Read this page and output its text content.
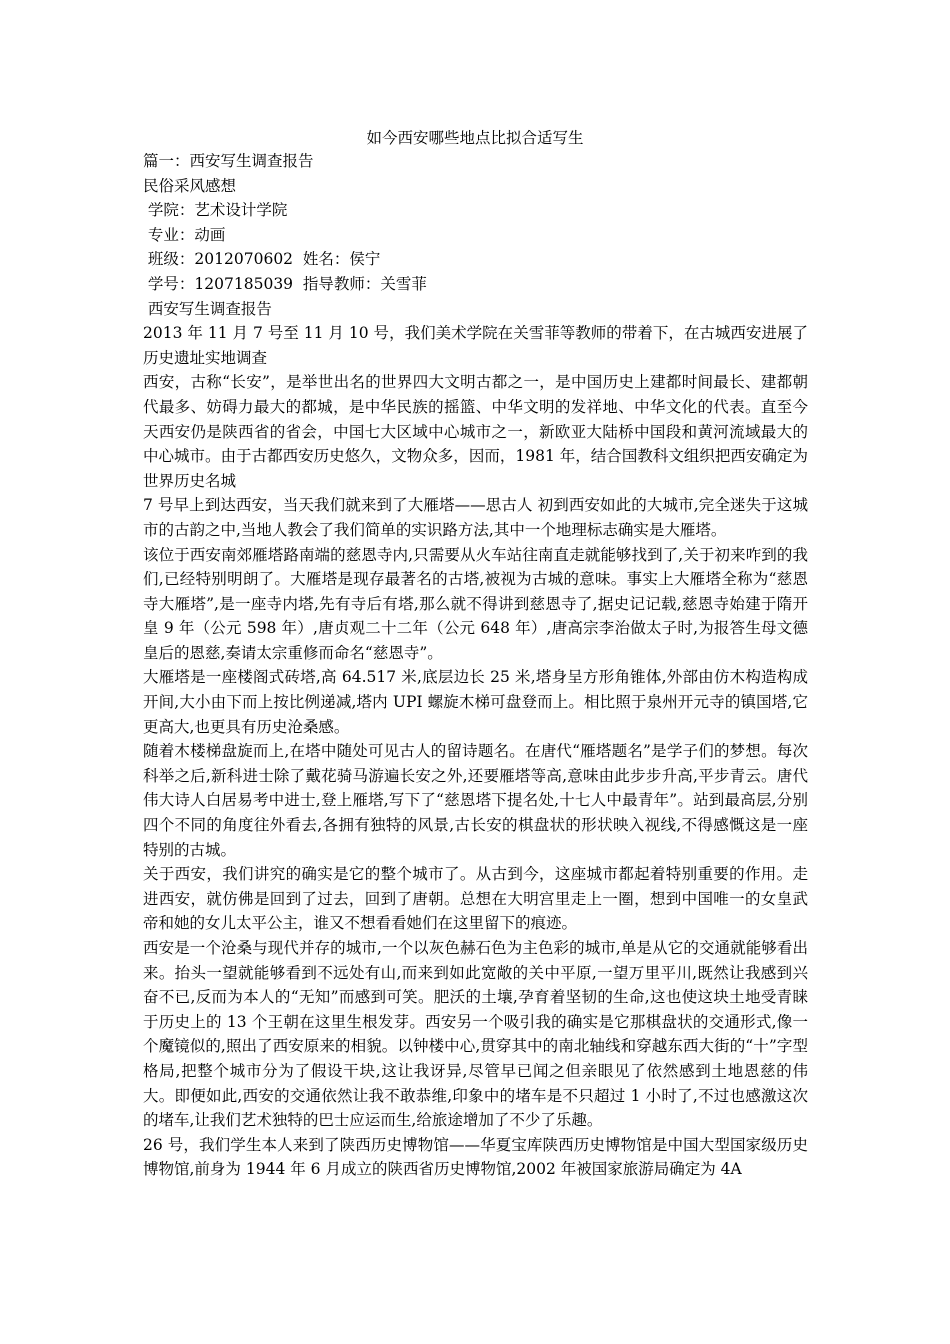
如今西安哪些地点比拟合适写生
篇一：西安写生调查报告
民俗采风感想
学院：艺术设计学院
专业：动画
班级：2012070602  姓名：侯宁
学号：1207185039  指导教师：关雪菲
西安写生调查报告
2013 年 11 月 7 号至 11 月 10 号，我们美术学院在关雪菲等教师的带着下，在古城西安进展了历史遗址实地调查
西安，古称“长安”，是举世出名的世界四大文明古都之一，是中国历史上建都时间最长、建都朝代最多、妨碍力最大的都城，是中华民族的摇篮、中华文明的发祥地、中华文化的代表。直至今天西安仍是陕西省的省会，中国七大区域中心城市之一，新欧亚大陆桥中国段和黄河流域最大的中心城市。由于古都西安历史悠久，文物众多，因而，1981 年，结合国教科文组织把西安确定为世界历史名城
7 号早上到达西安，当天我们就来到了大雁塔——思古人 初到西安如此的大城市,完全迷失于这城市的古韵之中,当地人教会了我们简单的实识路方法,其中一个地理标志确实是大雁塔。
该位于西安南郊雁塔路南端的慈恩寺内,只需要从火车站往南直走就能够找到了,关于初来咋到的我们,已经特别明朗了。大雁塔是现存最著名的古塔,被视为古城的意味。事实上大雁塔全称为“慈恩寺大雁塔”,是一座寺内塔,先有寺后有塔,那么就不得讲到慈恩寺了,据史记记载,慈恩寺始建于隋开皇 9 年（公元 598 年）,唐贞观二十二年（公元 648 年）,唐高宗李治做太子时,为报答生母文德皇后的恩慈,奏请太宗重修而命名“慈恩寺”。
大雁塔是一座楼阁式砖塔,高 64.517 米,底层边长 25 米,塔身呈方形角锥体,外部由仿木构造构成开间,大小由下而上按比例递减,塔内 UPI 螺旋木梯可盘登而上。相比照于泉州开元寺的镇国塔,它更高大,也更具有历史沧桑感。
随着木楼梯盘旋而上,在塔中随处可见古人的留诗题名。在唐代“雁塔题名”是学子们的梦想。每次科举之后,新科进士除了戴花骑马游遍长安之外,还要雁塔等高,意味由此步步升高,平步青云。唐代伟大诗人白居易考中进士,登上雁塔,写下了“慈恩塔下提名处,十七人中最青年”。站到最高层,分别四个不同的角度往外看去,各拥有独特的风景,古长安的棋盘状的形状映入视线,不得感慨这是一座特别的古城。
关于西安，我们讲究的确实是它的整个城市了。从古到今，这座城市都起着特别重要的作用。走进西安，就仿佛是回到了过去，回到了唐朝。总想在大明宫里走上一圈，想到中国唯一的女皇武帝和她的女儿太平公主，谁又不想看看她们在这里留下的痕迹。
西安是一个沧桑与现代并存的城市,一个以灰色赫石色为主色彩的城市,单是从它的交通就能够看出来。抬头一望就能够看到不远处有山,而来到如此宽敞的关中平原,一望万里平川,既然让我感到兴奋不已,反而为本人的“无知”而感到可笑。肥沃的土壤,孕育着坚韧的生命,这也使这块土地受青睐于历史上的 13 个王朝在这里生根发芽。西安另一个吸引我的确实是它那棋盘状的交通形式,像一个魔镜似的,照出了西安原来的相貌。以钟楼中心,贯穿其中的南北轴线和穿越东西大街的“十”字型格局,把整个城市分为了假设干块,这让我讶异,尽管早已闻之但亲眼见了依然感到土地恩慈的伟大。即便如此,西安的交通依然让我不敢恭维,印象中的堵车是不只超过 1 小时了,不过也感激这次的堵车,让我们艺术独特的巴士应运而生,给旅途增加了不少了乐趣。
26 号，我们学生本人来到了陕西历史博物馆——华夏宝库陕西历史博物馆是中国大型国家级历史博物馆,前身为 1944 年 6 月成立的陕西省历史博物馆,2002 年被国家旅游局确定为 4A
